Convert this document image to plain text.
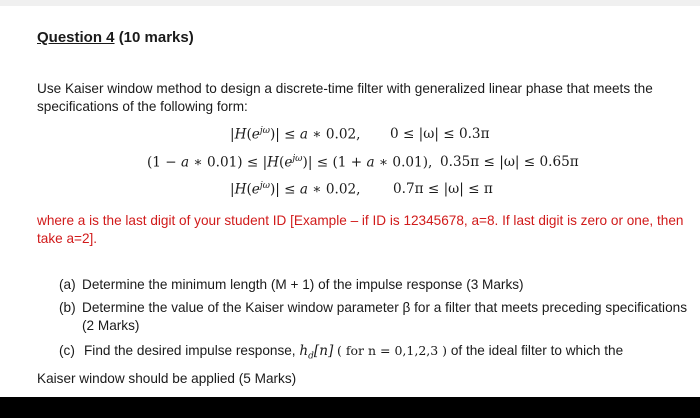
Question 4 (10 marks)
Use Kaiser window method to design a discrete-time filter with generalized linear phase that meets the specifications of the following form:
$|H(e^{j\omega})| \le a$ ∗ 0.02, 0 ≤ |ω| ≤ 0.3π
(1 − a ∗ $0.01) \le |H(e^{j\omega})| \le (1 + a$ ∗ 0.01), 0.35π ≤ |ω| ≤ 0.65π
$|H(e^{j\omega})| \le a$ ∗ 0.02, 0.7π ≤ |ω| ≤ π
where a is the last digit of your student ID [Example – if ID is 12345678, a=8. If last digit is zero or one, then take a=2].
(a) Determine the minimum length (M + 1) of the impulse response (3 Marks)
(b) Determine the value of the Kaiser window parameter β for a filter that meets preceding specifications (2 Marks)
(c) Find the desired impulse response, $h_d[n]$ ( for n = 0,1,2,3 ) of the ideal filter to which the
Kaiser window should be applied (5 Marks)
